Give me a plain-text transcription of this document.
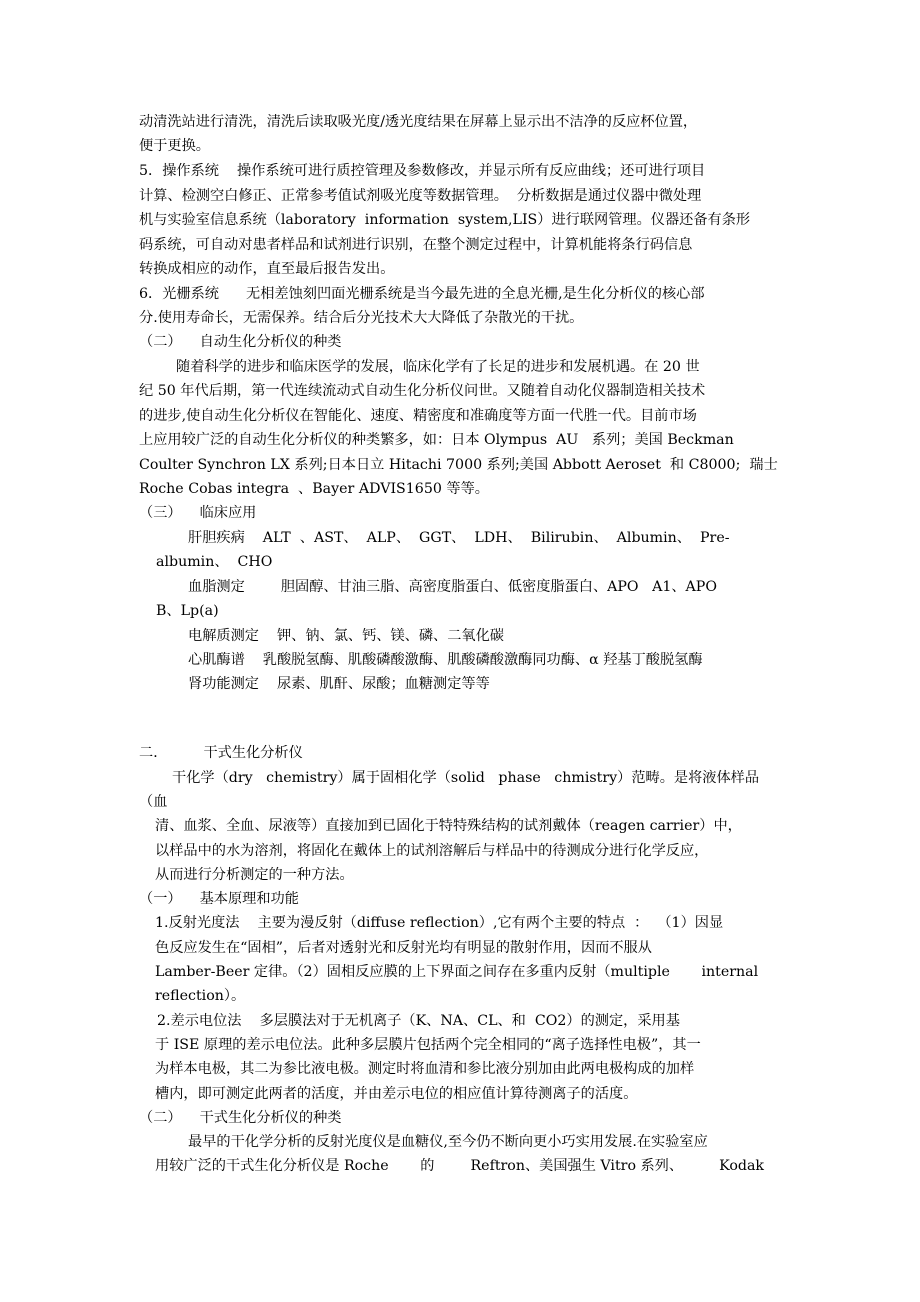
动清洗站进行清洗，清洗后读取吸光度/透光度结果在屏幕上显示出不洁净的反应杯位置，

便于更换。

5．操作系统    操作系统可进行质控管理及参数修改，并显示所有反应曲线；还可进行项目

计算、检测空白修正、正常参考值试剂吸光度等数据管理。  分析数据是通过仪器中微处理

机与实验室信息系统（laboratory  information  system,LIS）进行联网管理。仪器还备有条形

码系统，可自动对患者样品和试剂进行识别，在整个测定过程中，计算机能将条行码信息

转换成相应的动作，直至最后报告发出。

6．光栅系统      无相差蚀刻凹面光栅系统是当今最先进的全息光栅,是生化分析仪的核心部

分.使用寿命长，无需保养。结合后分光技术大大降低了杂散光的干扰。

（二）    自动生化分析仪的种类

随着科学的进步和临床医学的发展，临床化学有了长足的进步和发展机遇。在 20 世

纪 50 年代后期，第一代连续流动式自动生化分析仪问世。又随着自动化仪器制造相关技术

的进步,使自动生化分析仪在智能化、速度、精密度和准确度等方面一代胜一代。目前市场

上应用较广泛的自动生化分析仪的种类繁多，如：日本 Olympus  AU   系列；美国 Beckman

Coulter Synchron LX 系列;日本日立 Hitachi 7000 系列;美国 Abbott Aeroset  和 C8000;  瑞士

Roche Cobas integra  、Bayer ADVIS1650 等等。

（三）    临床应用

肝胆疾病    ALT  、AST、  ALP、  GGT、  LDH、  Bilirubin、  Albumin、  Pre-

albumin、  CHO

血脂测定        胆固醇、甘油三脂、高密度脂蛋白、低密度脂蛋白、APO   A1、APO

B、Lp(a)

电解质测定    钾、钠、氯、钙、镁、磷、二氧化碳

心肌酶谱    乳酸脱氢酶、肌酸磷酸激酶、肌酸磷酸激酶同功酶、α 羟基丁酸脱氢酶

肾功能测定    尿素、肌酐、尿酸；血糖测定等等

二．        干式生化分析仪

干化学（dry   chemistry）属于固相化学（solid   phase   chmistry）范畴。是将液体样品

（血

清、血浆、全血、尿液等）直接加到已固化于特特殊结构的试剂戴体（reagen carrier）中，

以样品中的水为溶剂，将固化在戴体上的试剂溶解后与样品中的待测成分进行化学反应，

从而进行分析测定的一种方法。

（一）    基本原理和功能

1.反射光度法    主要为漫反射（diffuse reflection）,它有两个主要的特点  ：  （1）因显

色反应发生在“固相”，后者对透射光和反射光均有明显的散射作用，因而不服从

Lamber-Beer 定律。（2）固相反应膜的上下界面之间存在多重内反射（multiple       internal

reflection）。

2.差示电位法    多层膜法对于无机离子（K、NA、CL、和  CO2）的测定，采用基

于 ISE 原理的差示电位法。此种多层膜片包括两个完全相同的“离子选择性电极”，其一

为样本电极，其二为参比液电极。测定时将血清和参比液分别加由此两电极构成的加样

槽内，即可测定此两者的活度，并由差示电位的相应值计算待测离子的活度。

（二）    干式生化分析仪的种类

最早的干化学分析的反射光度仪是血糖仪,至今仍不断向更小巧实用发展.在实验室应

用较广泛的干式生化分析仪是 Roche       的        Reftron、美国强生 Vitro 系列、        Kodak
